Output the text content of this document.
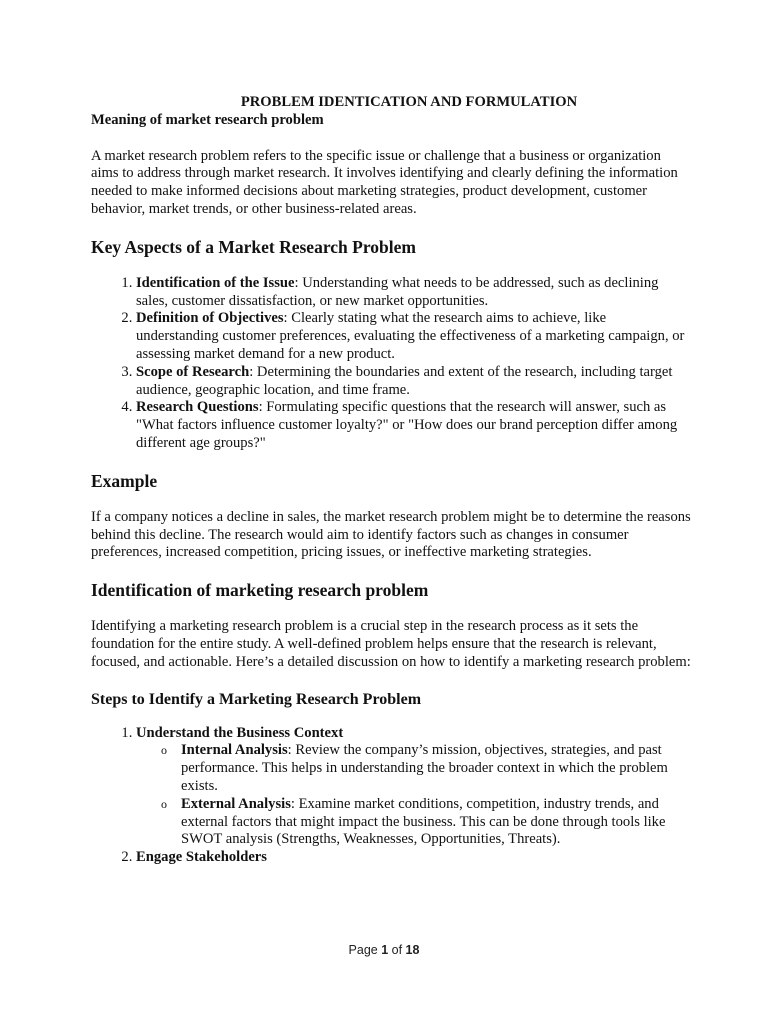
PROBLEM IDENTICATION AND FORMULATION

Meaning of market research problem

A market research problem refers to the specific issue or challenge that a business or organization aims to address through market research. It involves identifying and clearly defining the information needed to make informed decisions about marketing strategies, product development, customer behavior, market trends, or other business-related areas.

Key Aspects of a Market Research Problem
1. Identification of the Issue: Understanding what needs to be addressed, such as declining sales, customer dissatisfaction, or new market opportunities.
2. Definition of Objectives: Clearly stating what the research aims to achieve, like understanding customer preferences, evaluating the effectiveness of a marketing campaign, or assessing market demand for a new product.
3. Scope of Research: Determining the boundaries and extent of the research, including target audience, geographic location, and time frame.
4. Research Questions: Formulating specific questions that the research will answer, such as "What factors influence customer loyalty?" or "How does our brand perception differ among different age groups?"
Example

If a company notices a decline in sales, the market research problem might be to determine the reasons behind this decline. The research would aim to identify factors such as changes in consumer preferences, increased competition, pricing issues, or ineffective marketing strategies.

Identification of marketing research problem

Identifying a marketing research problem is a crucial step in the research process as it sets the foundation for the entire study. A well-defined problem helps ensure that the research is relevant, focused, and actionable. Here’s a detailed discussion on how to identify a marketing research problem:

Steps to Identify a Marketing Research Problem
1. Understand the Business Context
o Internal Analysis: Review the company’s mission, objectives, strategies, and past performance. This helps in understanding the broader context in which the problem exists.
o External Analysis: Examine market conditions, competition, industry trends, and external factors that might impact the business. This can be done through tools like SWOT analysis (Strengths, Weaknesses, Opportunities, Threats).
2. Engage Stakeholders
Page 1 of 18
